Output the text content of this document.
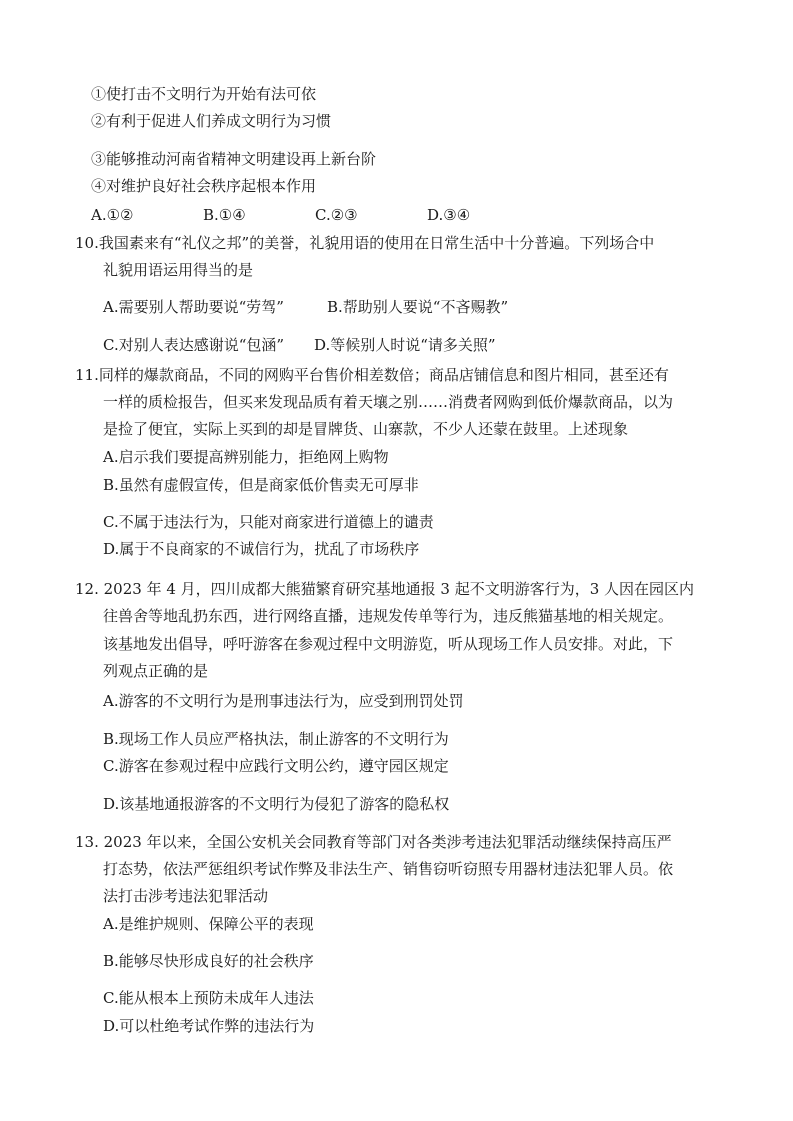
①使打击不文明行为开始有法可依
②有利于促进人们养成文明行为习惯
③能够推动河南省精神文明建设再上新台阶
④对维护良好社会秩序起根本作用
A.①②	B.①④	C.②③	D.③④
10.我国素来有“礼仪之邦”的美誉，礼貌用语的使用在日常生活中十分普遍。下列场合中
礼貌用语运用得当的是
A.需要别人帮助要说“劳驾”	B.帮助别人要说“不吝赐教”
C.对别人表达感谢说“包涵” D.等候别人时说“请多关照”
11.同样的爆款商品，不同的网购平台售价相差数倍；商品店铺信息和图片相同，甚至还有
一样的质检报告，但买来发现品质有着天壤之别……消费者网购到低价爆款商品，以为
是捡了便宜，实际上买到的却是冒牌货、山寨款，不少人还蒙在鼓里。上述现象
A.启示我们要提高辨别能力，拒绝网上购物
B.虽然有虚假宣传，但是商家低价售卖无可厚非
C.不属于违法行为，只能对商家进行道德上的谴责
D.属于不良商家的不诚信行为，扰乱了市场秩序
12. 2023 年 4 月，四川成都大熊猫繁育研究基地通报 3 起不文明游客行为，3 人因在园区内
往兽舍等地乱扔东西，进行网络直播，违规发传单等行为，违反熊猫基地的相关规定。
该基地发出倡导，呼吁游客在参观过程中文明游览，听从现场工作人员安排。对此，下
列观点正确的是
A.游客的不文明行为是刑事违法行为，应受到刑罚处罚
B.现场工作人员应严格执法，制止游客的不文明行为
C.游客在参观过程中应践行文明公约，遵守园区规定
D.该基地通报游客的不文明行为侵犯了游客的隐私权
13. 2023 年以来，全国公安机关会同教育等部门对各类涉考违法犯罪活动继续保持高压严
打态势，依法严惩组织考试作弊及非法生产、销售窃听窃照专用器材违法犯罪人员。依
法打击涉考违法犯罪活动
A.是维护规则、保障公平的表现
B.能够尽快形成良好的社会秩序
C.能从根本上预防未成年人违法
D.可以杜绝考试作弊的违法行为
